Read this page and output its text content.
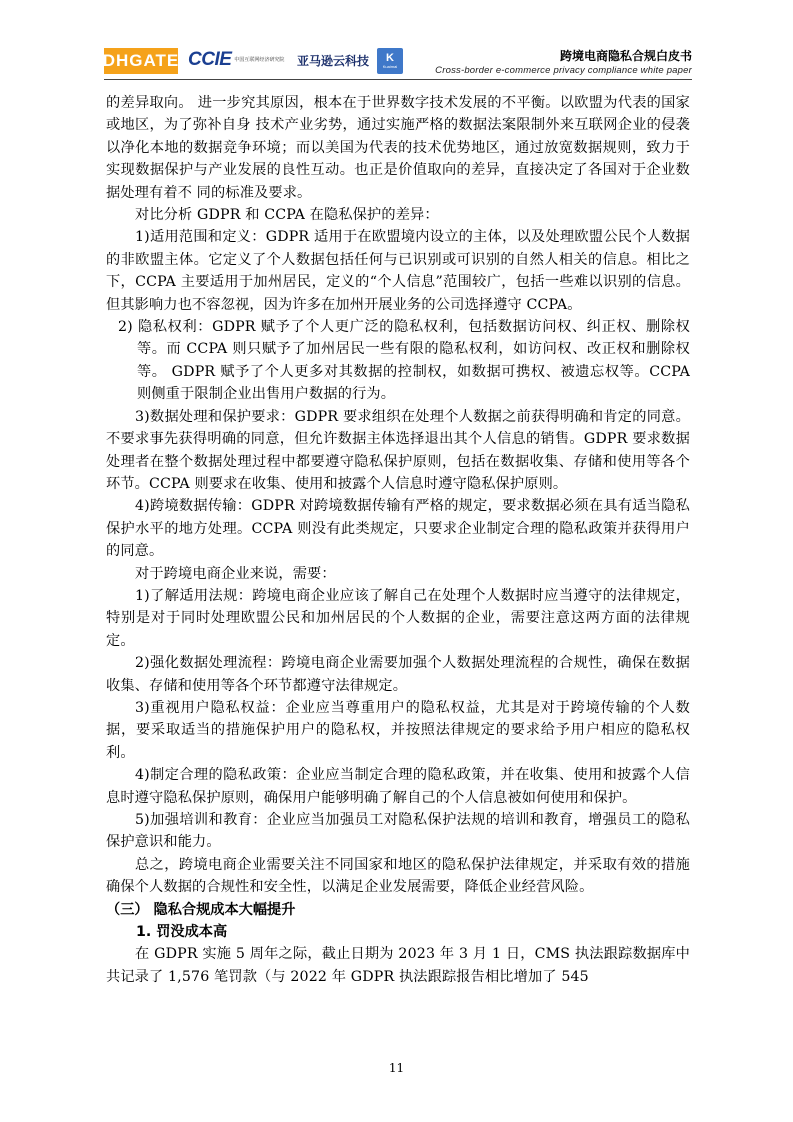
DHGATE CCIE 中国互联网经济研究院 亚马逊云科技 K
Kuaimai
跨境电商隐私合规白皮书
Cross-border e-commerce privacy compliance white paper

的差异取向。 进一步究其原因，根本在于世界数字技术发展的不平衡。以欧盟为代表的国家或地区，为了弥补自身 技术产业劣势，通过实施严格的数据法案限制外来互联网企业的侵袭以净化本地的数据竞争环境；而以美国为代表的技术优势地区，通过放宽数据规则，致力于实现数据保护与产业发展的良性互动。也正是价值取向的差异，直接决定了各国对于企业数据处理有着不 同的标准及要求。

对比分析 GDPR 和 CCPA 在隐私保护的差异：

1)适用范围和定义：GDPR 适用于在欧盟境内设立的主体，以及处理欧盟公民个人数据的非欧盟主体。它定义了个人数据包括任何与已识别或可识别的自然人相关的信息。相比之下，CCPA 主要适用于加州居民，定义的“个人信息”范围较广，包括一些难以识别的信息。但其影响力也不容忽视，因为许多在加州开展业务的公司选择遵守 CCPA。

2) 隐私权利：GDPR 赋予了个人更广泛的隐私权利，包括数据访问权、纠正权、删除权等。而 CCPA 则只赋予了加州居民一些有限的隐私权利，如访问权、改正权和删除权等。 GDPR 赋予了个人更多对其数据的控制权，如数据可携权、被遗忘权等。CCPA 则侧重于限制企业出售用户数据的行为。

3)数据处理和保护要求：GDPR 要求组织在处理个人数据之前获得明确和肯定的同意。不要求事先获得明确的同意，但允许数据主体选择退出其个人信息的销售。GDPR 要求数据处理者在整个数据处理过程中都要遵守隐私保护原则，包括在数据收集、存储和使用等各个环节。CCPA 则要求在收集、使用和披露个人信息时遵守隐私保护原则。

4)跨境数据传输：GDPR 对跨境数据传输有严格的规定，要求数据必须在具有适当隐私保护水平的地方处理。CCPA 则没有此类规定，只要求企业制定合理的隐私政策并获得用户的同意。

对于跨境电商企业来说，需要：

1)了解适用法规：跨境电商企业应该了解自己在处理个人数据时应当遵守的法律规定，特别是对于同时处理欧盟公民和加州居民的个人数据的企业，需要注意这两方面的法律规定。

2)强化数据处理流程：跨境电商企业需要加强个人数据处理流程的合规性，确保在数据收集、存储和使用等各个环节都遵守法律规定。

3)重视用户隐私权益：企业应当尊重用户的隐私权益，尤其是对于跨境传输的个人数据，要采取适当的措施保护用户的隐私权，并按照法律规定的要求给予用户相应的隐私权利。

4)制定合理的隐私政策：企业应当制定合理的隐私政策，并在收集、使用和披露个人信息时遵守隐私保护原则，确保用户能够明确了解自己的个人信息被如何使用和保护。

5)加强培训和教育：企业应当加强员工对隐私保护法规的培训和教育，增强员工的隐私保护意识和能力。

总之，跨境电商企业需要关注不同国家和地区的隐私保护法律规定，并采取有效的措施确保个人数据的合规性和安全性，以满足企业发展需要，降低企业经营风险。

（三） 隐私合规成本大幅提升
1. 罚没成本高

在 GDPR 实施 5 周年之际，截止日期为 2023 年 3 月 1 日，CMS 执法跟踪数据库中共记录了 1,576 笔罚款（与 2022 年 GDPR 执法跟踪报告相比增加了 545

11
